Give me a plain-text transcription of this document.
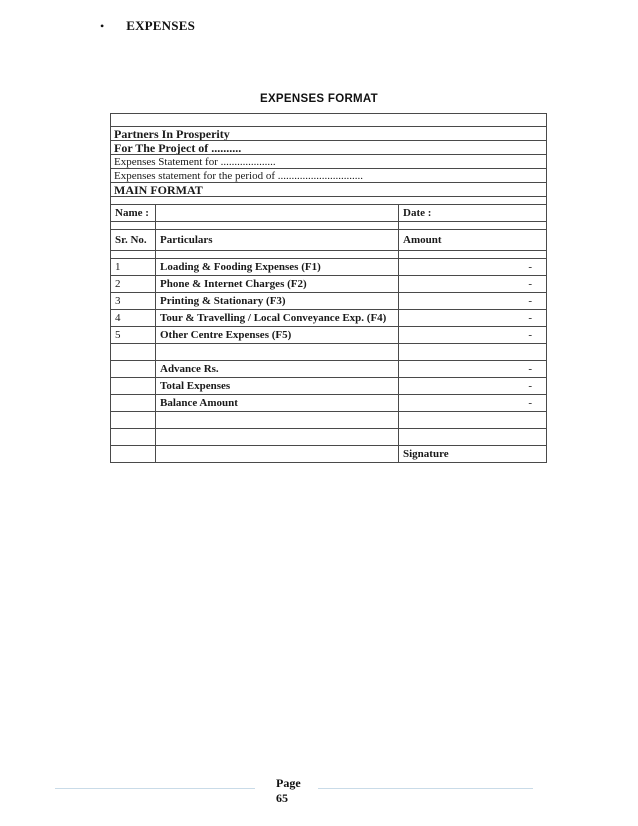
• EXPENSES
EXPENSES FORMAT

Partners In Prosperity		
For The Project of ..........		
Expenses Statement for ....................		
Expenses statement for the period of ...............................		
MAIN FORMAT		

Name :		Date :

Sr. No.	Particulars	Amount

1	Loading & Fooding Expenses (F1)	-
2	Phone & Internet Charges (F2)	-
3	Printing & Stationary (F3)	-
4	Tour & Travelling / Local Conveyance Exp. (F4)	-
5	Other Centre Expenses (F5)	-

	Advance Rs.	-
	Total Expenses	-
	Balance Amount	-

		Signature
Page
65
